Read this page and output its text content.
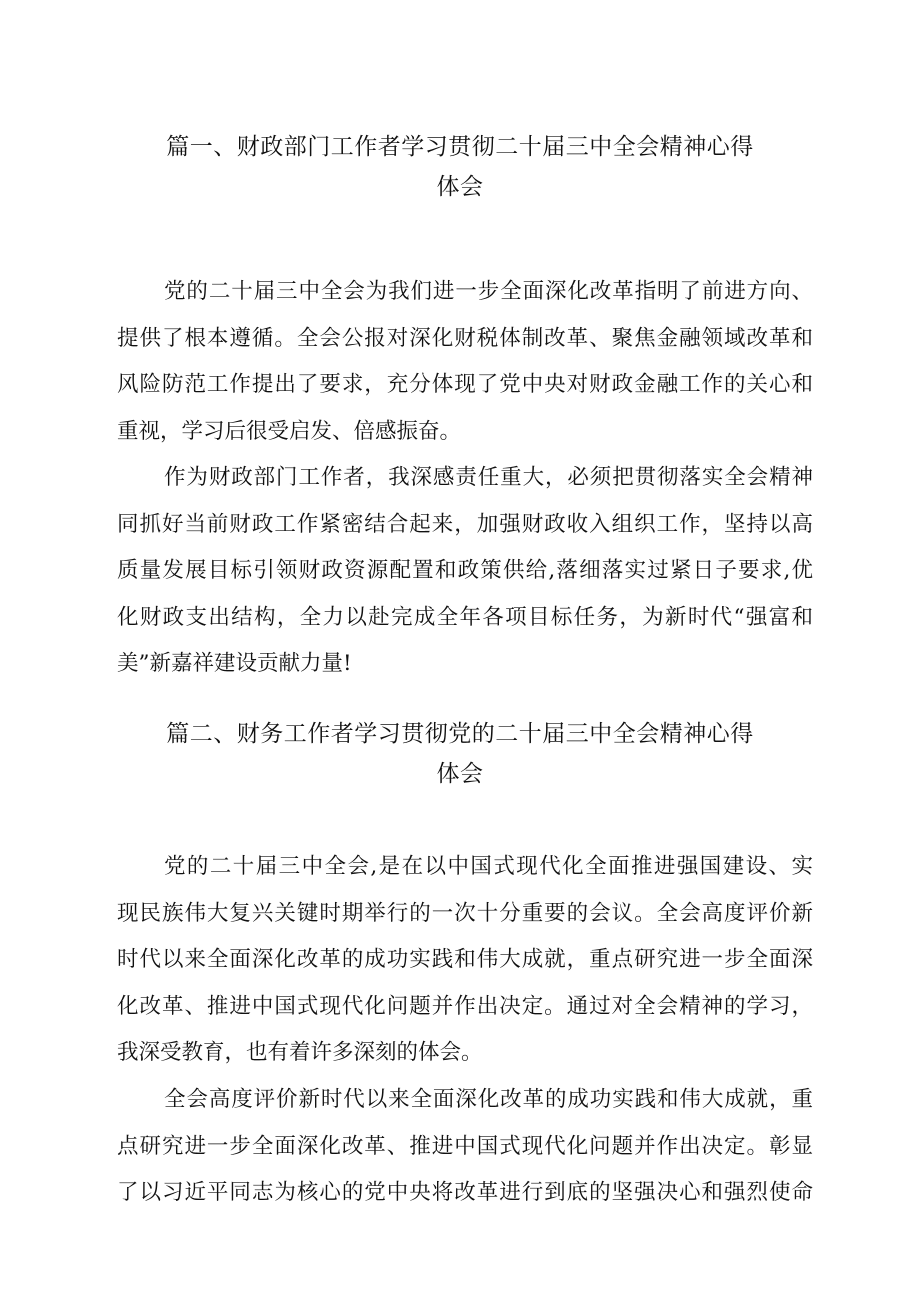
篇一、财政部门工作者学习贯彻二十届三中全会精神心得
体会

党的二十届三中全会为我们进一步全面深化改革指明了前进方向、
提供了根本遵循。全会公报对深化财税体制改革、聚焦金融领域改革和
风险防范工作提出了要求，充分体现了党中央对财政金融工作的关心和
重视，学习后很受启发、倍感振奋。

作为财政部门工作者，我深感责任重大，必须把贯彻落实全会精神
同抓好当前财政工作紧密结合起来，加强财政收入组织工作，坚持以高
质量发展目标引领财政资源配置和政策供给,落细落实过紧日子要求,优
化财政支出结构，全力以赴完成全年各项目标任务，为新时代“强富和
美”新嘉祥建设贡献力量!

篇二、财务工作者学习贯彻党的二十届三中全会精神心得
体会

党的二十届三中全会,是在以中国式现代化全面推进强国建设、实
现民族伟大复兴关键时期举行的一次十分重要的会议。全会高度评价新
时代以来全面深化改革的成功实践和伟大成就，重点研究进一步全面深
化改革、推进中国式现代化问题并作出决定。通过对全会精神的学习，
我深受教育，也有着许多深刻的体会。

全会高度评价新时代以来全面深化改革的成功实践和伟大成就，重
点研究进一步全面深化改革、推进中国式现代化问题并作出决定。彰显
了以习近平同志为核心的党中央将改革进行到底的坚强决心和强烈使命
